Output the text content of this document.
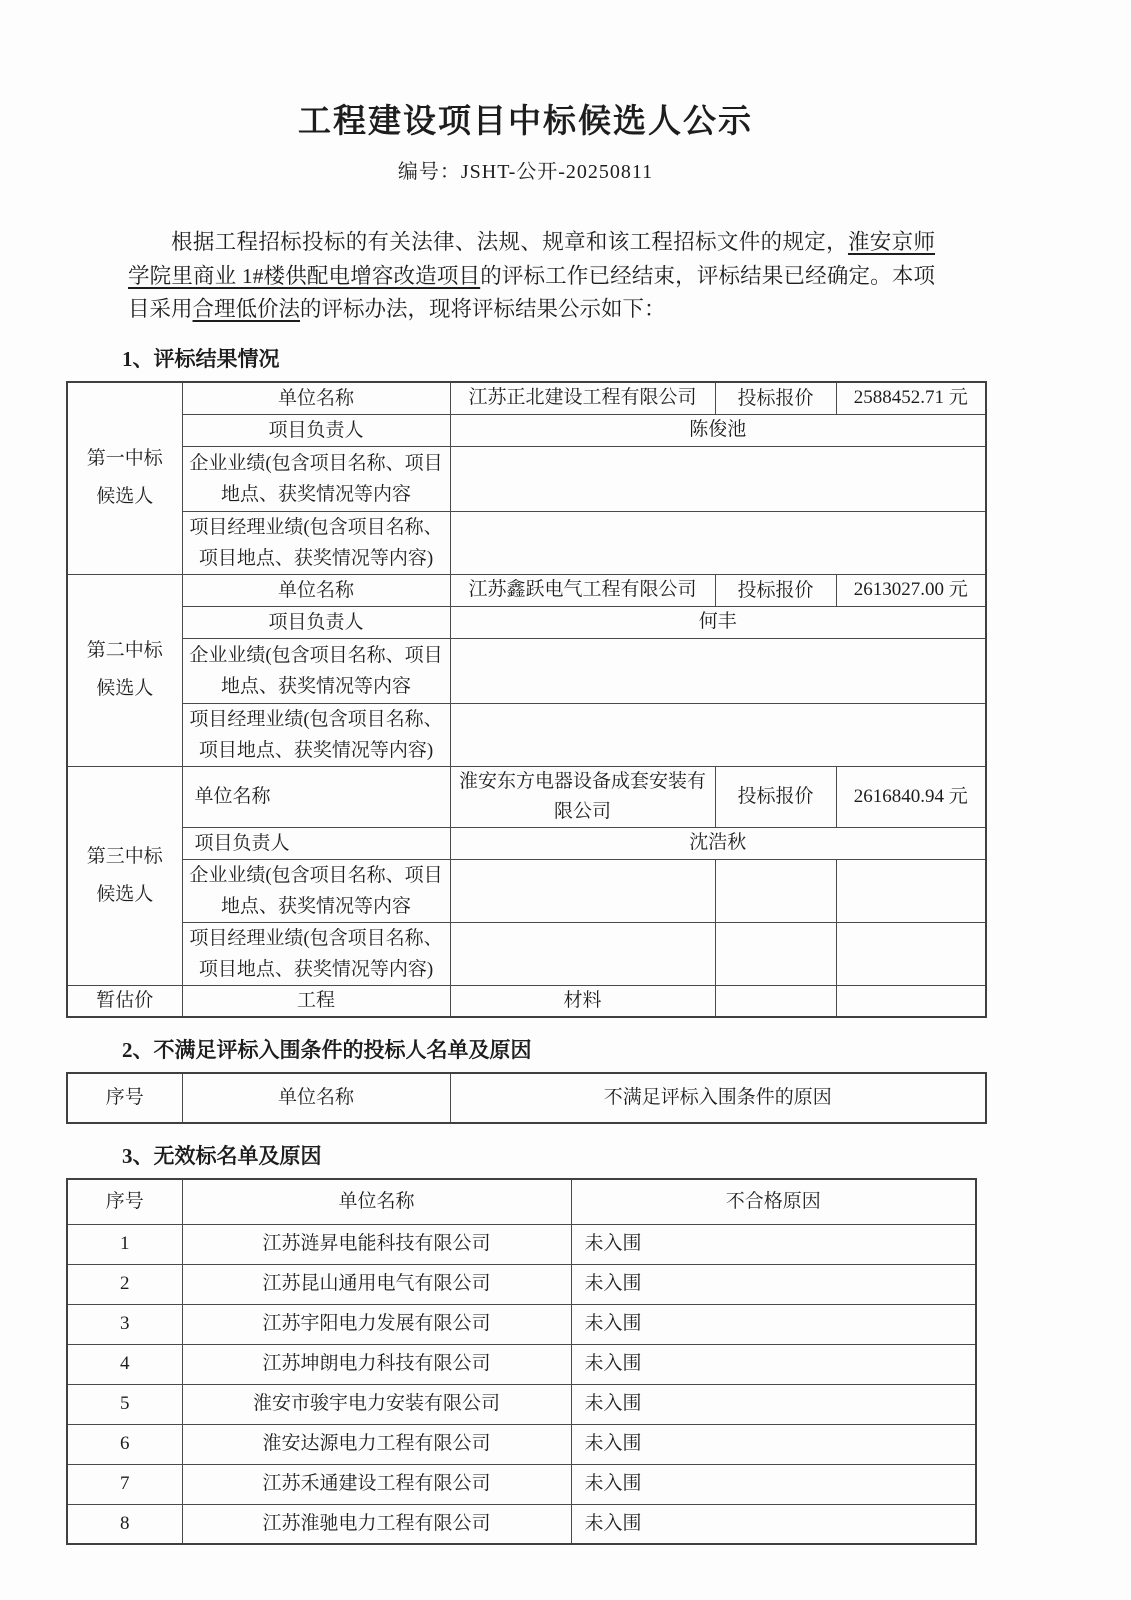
工程建设项目中标候选人公示
编号：JSHT-公开-20250811

根据工程招标投标的有关法律、法规、规章和该工程招标文件的规定，淮安京师学院里商业 1#楼供配电增容改造项目的评标工作已经结束，评标结果已经确定。本项目采用合理低价法的评标办法，现将评标结果公示如下：

1、评标结果情况
第一中标候选人	单位名称	江苏正北建设工程有限公司	投标报价	2588452.71 元
	项目负责人	陈俊池		
	企业业绩(包含项目名称、项目地点、获奖情况等内容			
	项目经理业绩(包含项目名称、项目地点、获奖情况等内容)			
第二中标候选人	单位名称	江苏鑫跃电气工程有限公司	投标报价	2613027.00 元
	项目负责人	何丰		
	企业业绩(包含项目名称、项目地点、获奖情况等内容			
	项目经理业绩(包含项目名称、项目地点、获奖情况等内容)			
第三中标候选人	单位名称	淮安东方电器设备成套安装有限公司	投标报价	2616840.94 元
	项目负责人	沈浩秋		
	企业业绩(包含项目名称、项目地点、获奖情况等内容			
	项目经理业绩(包含项目名称、项目地点、获奖情况等内容)			
暂估价	工程	材料		
2、不满足评标入围条件的投标人名单及原因
序号	单位名称	不满足评标入围条件的原因
3、无效标名单及原因
序号	单位名称	不合格原因
1	江苏涟昇电能科技有限公司	未入围
2	江苏昆山通用电气有限公司	未入围
3	江苏宇阳电力发展有限公司	未入围
4	江苏坤朗电力科技有限公司	未入围
5	淮安市骏宇电力安装有限公司	未入围
6	淮安达源电力工程有限公司	未入围
7	江苏禾通建设工程有限公司	未入围
8	江苏淮驰电力工程有限公司	未入围
